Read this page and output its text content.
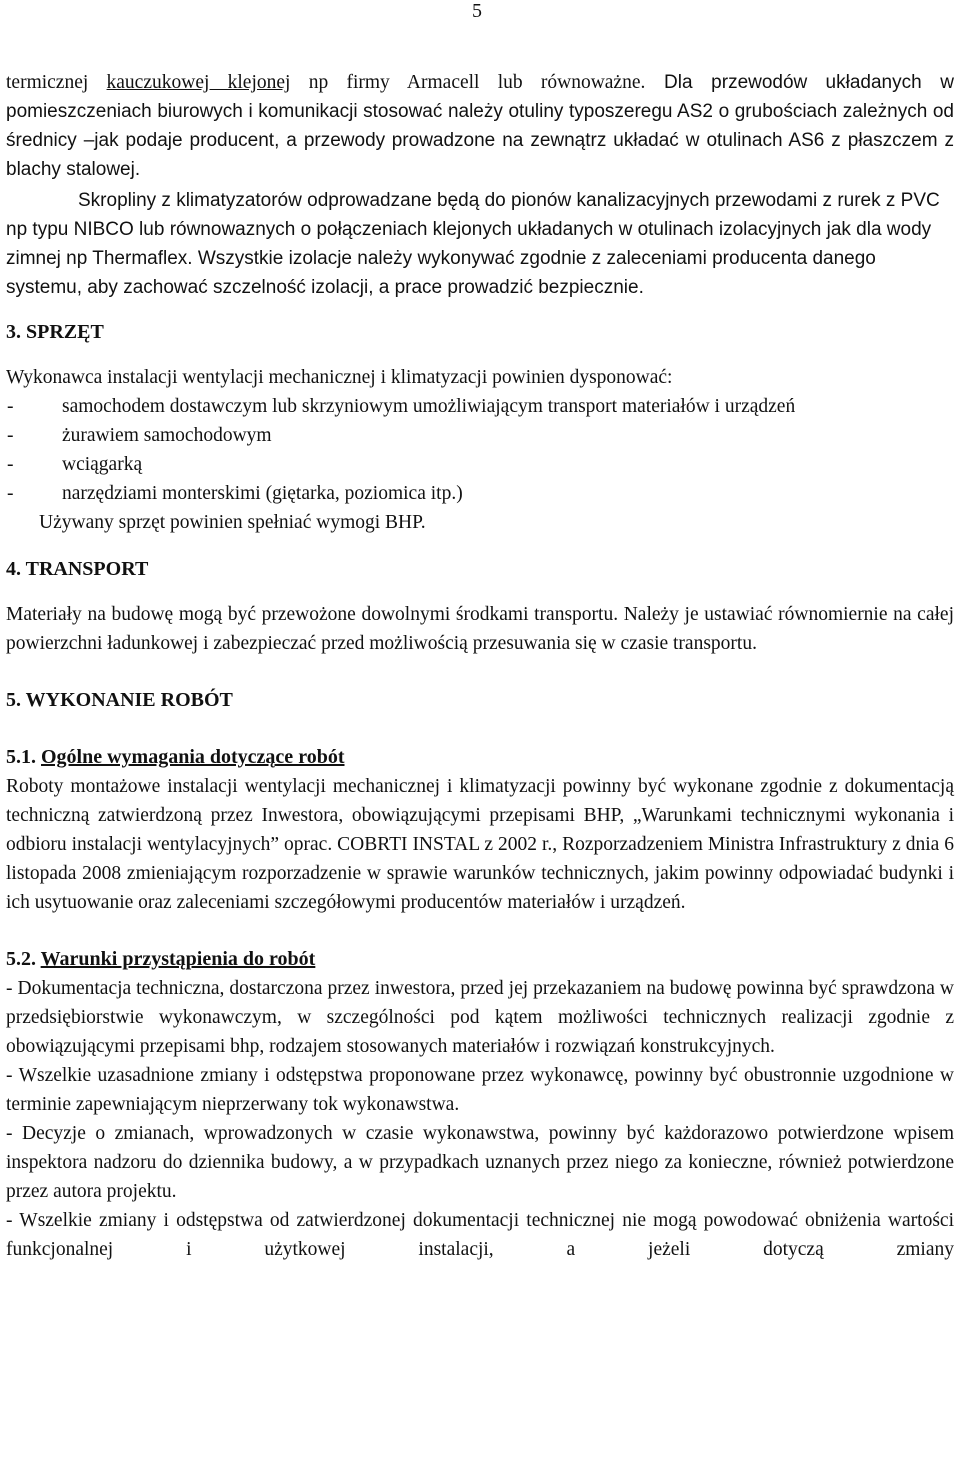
5

termicznej kauczukowej klejonej np firmy Armacell lub równoważne. Dla przewodów układanych w pomieszczeniach biurowych i komunikacji stosować należy otuliny typoszeregu AS2 o grubościach zależnych od średnicy –jak podaje producent, a przewody prowadzone na zewnątrz układać w otulinach AS6 z płaszczem z blachy stalowej.

Skropliny z klimatyzatorów odprowadzane będą do pionów kanalizacyjnych przewodami z rurek z PVC np typu NIBCO lub równowaznych o połączeniach klejonych układanych w otulinach izolacyjnych jak dla wody zimnej np Thermaflex. Wszystkie izolacje należy wykonywać zgodnie z zaleceniami producenta danego systemu, aby zachować szczelność izolacji, a prace prowadzić bezpiecznie.

3. SPRZĘT

Wykonawca instalacji wentylacji mechanicznej i klimatyzacji powinien dysponować:

-	samochodem dostawczym lub skrzyniowym umożliwiającym transport materiałów i urządzeń
-	żurawiem samochodowym
-	wciągarką
-	narzędziami monterskimi (giętarka, poziomica itp.)

Używany sprzęt powinien spełniać wymogi BHP.

4. TRANSPORT

Materiały na budowę mogą być przewożone dowolnymi środkami transportu. Należy je ustawiać równomiernie na całej powierzchni ładunkowej i zabezpieczać przed możliwością przesuwania się w czasie transportu.

5. WYKONANIE ROBÓT

5.1. Ogólne wymagania dotyczące robót

Roboty montażowe instalacji wentylacji mechanicznej i klimatyzacji powinny być wykonane zgodnie z dokumentacją techniczną zatwierdzoną przez Inwestora, obowiązującymi przepisami BHP, „Warunkami technicznymi wykonania i odbioru instalacji wentylacyjnych” oprac. COBRTI INSTAL z 2002 r., Rozporzadzeniem Ministra Infrastruktury z dnia 6 listopada 2008 zmieniającym rozporzadzenie w sprawie warunków technicznych, jakim powinny odpowiadać budynki i ich usytuowanie oraz zaleceniami szczegółowymi producentów materiałów i urządzeń.

5.2. Warunki przystąpienia do robót

- Dokumentacja techniczna, dostarczona przez inwestora, przed jej przekazaniem na budowę powinna być sprawdzona w przedsiębiorstwie wykonawczym, w szczególności pod kątem możliwości technicznych realizacji zgodnie z obowiązującymi przepisami bhp, rodzajem stosowanych materiałów i rozwiązań konstrukcyjnych.

- Wszelkie uzasadnione zmiany i odstępstwa proponowane przez wykonawcę, powinny być obustronnie uzgodnione w terminie zapewniającym nieprzerwany tok wykonawstwa.

- Decyzje o zmianach, wprowadzonych w czasie wykonawstwa, powinny być każdorazowo potwierdzone wpisem inspektora nadzoru do dziennika budowy, a w przypadkach uznanych przez niego za konieczne, również potwierdzone przez autora projektu.

- Wszelkie zmiany i odstępstwa od zatwierdzonej dokumentacji technicznej nie mogą powodować obniżenia wartości funkcjonalnej i użytkowej instalacji, a jeżeli dotyczą zmiany
